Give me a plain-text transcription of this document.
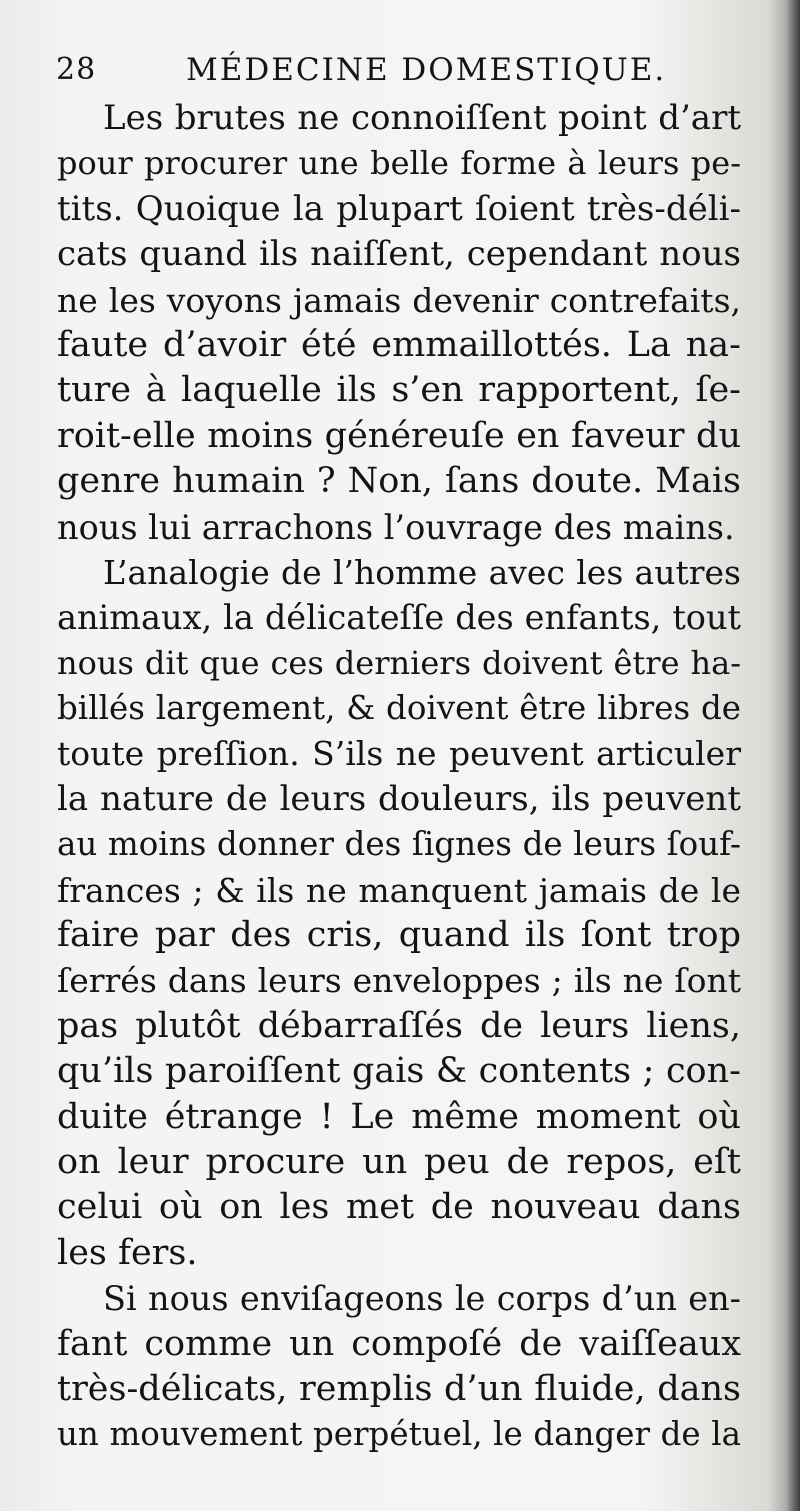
28	MÉDECINE DOMESTIQUE.
Les brutes ne connoiſſent point d’art
pour procurer une belle forme à leurs pe-
tits. Quoique la plupart ſoient très-déli-
cats quand ils naiſſent, cependant nous
ne les voyons jamais devenir contrefaits,
faute d’avoir été emmaillottés. La na-
ture à laquelle ils s’en rapportent, ſe-
roit-elle moins généreuſe en faveur du
genre humain ? Non, ſans doute. Mais
nous lui arrachons l’ouvrage des mains.
L’analogie de l’homme avec les autres
animaux, la délicateſſe des enfants, tout
nous dit que ces derniers doivent être ha-
billés largement, & doivent être libres de
toute preſſion. S’ils ne peuvent articuler
la nature de leurs douleurs, ils peuvent
au moins donner des ſignes de leurs ſouf-
frances ; & ils ne manquent jamais de le
faire par des cris, quand ils ſont trop
ſerrés dans leurs enveloppes ; ils ne ſont
pas plutôt débarraſſés de leurs liens,
qu’ils paroiſſent gais & contents ; con-
duite étrange ! Le même moment où
on leur procure un peu de repos, eſt
celui où on les met de nouveau dans
les fers.
Si nous enviſageons le corps d’un en-
fant comme un compoſé de vaiſſeaux
très-délicats, remplis d’un fluide, dans
un mouvement perpétuel, le danger de la
